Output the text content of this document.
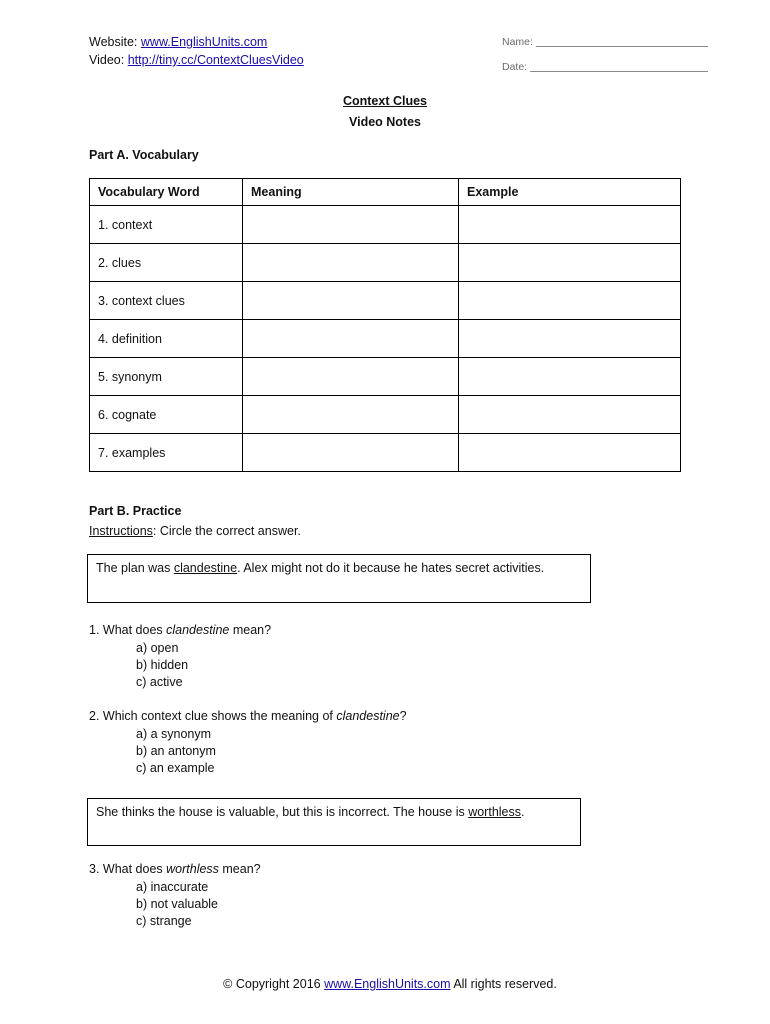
Website: www.EnglishUnits.com
Video: http://tiny.cc/ContextCluesVideo
Name:
Date:
Context Clues
Video Notes
Part A. Vocabulary
Vocabulary Word	Meaning	Example
1. context		
2. clues		
3. context clues		
4. definition		
5. synonym		
6. cognate		
7. examples		
Part B. Practice
Instructions: Circle the correct answer.
The plan was clandestine. Alex might not do it because he hates secret activities.
1. What does clandestine mean?
a) open
b) hidden
c) active
2. Which context clue shows the meaning of clandestine?
a) a synonym
b) an antonym
c) an example
She thinks the house is valuable, but this is incorrect. The house is worthless.
3. What does worthless mean?
a) inaccurate
b) not valuable
c) strange
© Copyright 2016 www.EnglishUnits.com All rights reserved.
